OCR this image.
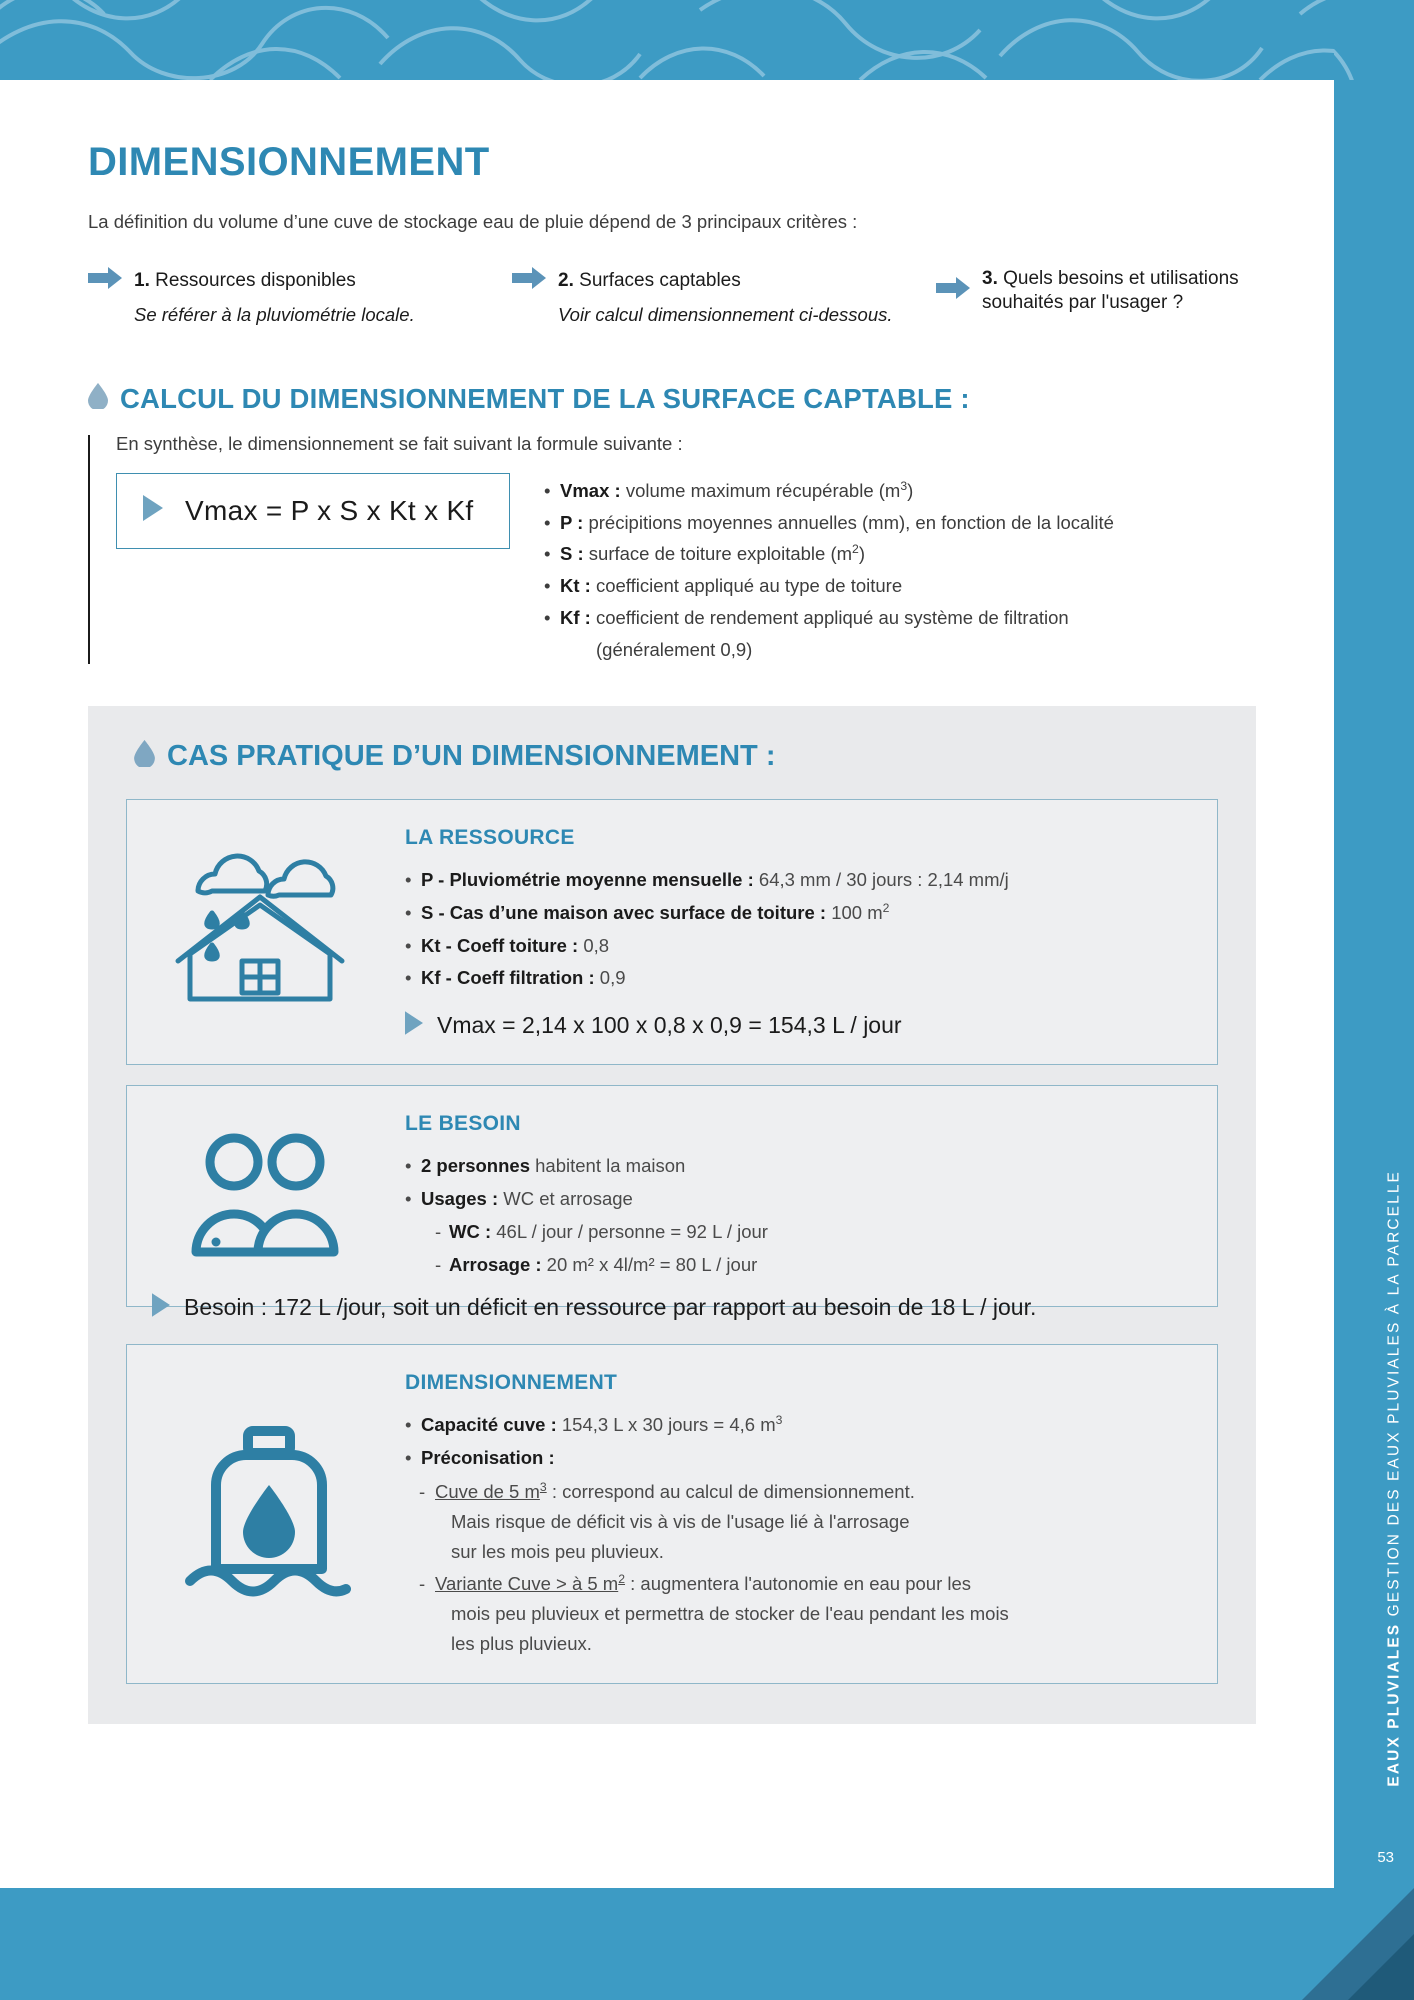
DIMENSIONNEMENT

La définition du volume d’une cuve de stockage eau de pluie dépend de 3 principaux critères :

1. Ressources disponibles
Se référer à la pluviométrie locale.
2. Surfaces captables
Voir calcul dimensionnement ci-dessous.
3. Quels besoins et utilisations souhaités par l'usager ?
CALCUL DU DIMENSIONNEMENT DE LA SURFACE CAPTABLE :
En synthèse, le dimensionnement se fait suivant la formule suivante :
Vmax = P x S x Kt x Kf
• Vmax : volume maximum récupérable $(m^3)$
• P : précipitions moyennes annuelles (mm), en fonction de la localité
• S : surface de toiture exploitable $(m^2)$
• Kt : coefficient appliqué au type de toiture
• Kf : coefficient de rendement appliqué au système de filtration
(généralement 0,9)
CAS PRATIQUE D’UN DIMENSIONNEMENT :
LA RESSOURCE
• P - Pluviométrie moyenne mensuelle : 64,3 mm / 30 jours : 2,14 mm/j
• S - Cas d’une maison avec surface de toiture : 100 $m^2$
• Kt - Coeff toiture : 0,8
• Kf - Coeff filtration : 0,9
Vmax = 2,14 x 100 x 0,8 x 0,9 = 154,3 L / jour
LE BESOIN
• 2 personnes habitent la maison
• Usages : WC et arrosage
- WC : 46L / jour / personne = 92 L / jour
- Arrosage : 20 m² x 4l/m² = 80 L / jour
Besoin : 172 L /jour, soit un déficit en ressource par rapport au besoin de 18 L / jour.
DIMENSIONNEMENT
• Capacité cuve : 154,3 L x 30 jours = 4,6 $m^3$
• Préconisation :
- Cuve de 5 $m^3$ : correspond au calcul de dimensionnement.
Mais risque de déficit vis à vis de l'usage lié à l'arrosage
sur les mois peu pluvieux.
- Variante Cuve > à 5 $m^2$ : augmentera l'autonomie en eau pour les
mois peu pluvieux et permettra de stocker de l'eau pendant les mois
les plus pluvieux.	EAUX PLUVIALES GESTION DES EAUX PLUVIALES À LA PARCELLE
53
